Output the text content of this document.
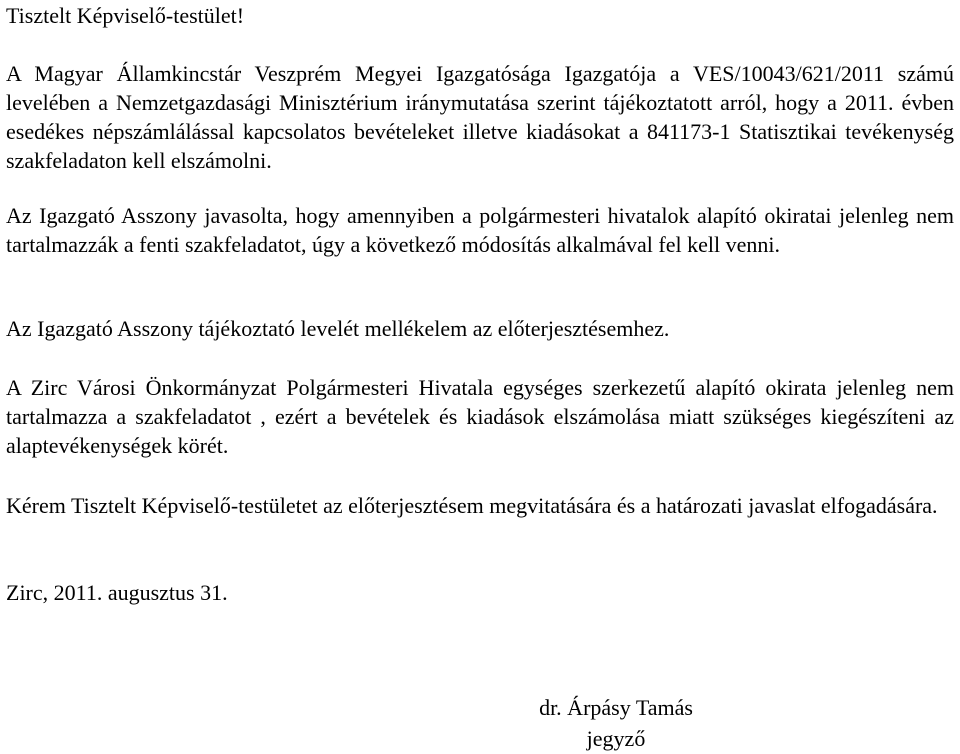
Tisztelt Képviselő-testület!

A Magyar Államkincstár Veszprém Megyei Igazgatósága Igazgatója a VES/10043/621/2011 számú levelében a Nemzetgazdasági Minisztérium iránymutatása szerint tájékoztatott arról, hogy a 2011. évben esedékes népszámlálással kapcsolatos bevételeket illetve kiadásokat a 841173-1 Statisztikai tevékenység szakfeladaton kell elszámolni.

Az Igazgató Asszony javasolta, hogy amennyiben a polgármesteri hivatalok alapító okiratai jelenleg nem tartalmazzák a fenti szakfeladatot, úgy a következő módosítás alkalmával fel kell venni.

Az Igazgató Asszony tájékoztató levelét mellékelem az előterjesztésemhez.

A Zirc Városi Önkormányzat Polgármesteri Hivatala egységes szerkezetű alapító okirata jelenleg nem tartalmazza a szakfeladatot , ezért a bevételek és kiadások elszámolása miatt szükséges kiegészíteni az alaptevékenységek körét.

Kérem Tisztelt Képviselő-testületet az előterjesztésem megvitatására és a határozati javaslat elfogadására.

Zirc, 2011. augusztus 31.

dr. Árpásy Tamás
jegyző
